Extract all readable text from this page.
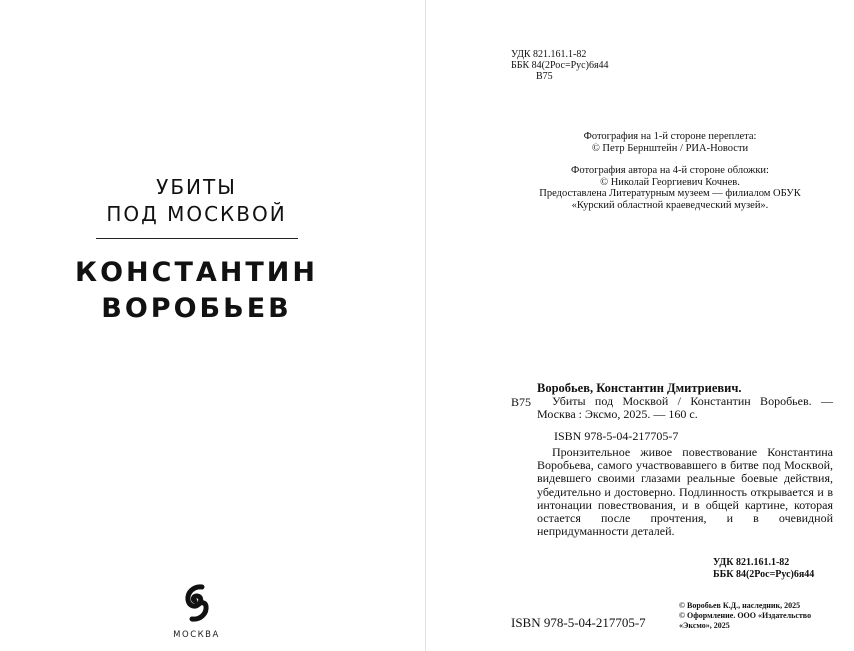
УБИТЫ
ПОД МОСКВОЙ
КОНСТАНТИН
ВОРОБЬЕВ
МОСКВА
УДК 821.161.1-82
ББК 84(2Рос=Рус)6я44
В75
Фотография на 1-й стороне переплета:
© Петр Бернштейн / РИА-Новости
Фотография автора на 4-й стороне обложки:
© Николай Георгиевич Кочнев.
Предоставлена Литературным музеем — филиалом ОБУК
«Курский областной краеведческий музей».
Воробьев, Константин Дмитриевич.
В75	Убиты под Москвой / Константин Воробьев. — Москва : Эксмо, 2025. — 160 с.
ISBN 978-5-04-217705-7
Пронзительное живое повествование Константина Воробьева, самого участвовавшего в битве под Москвой, видевшего своими глазами реальные боевые действия, убедительно и достоверно. Подлинность открывается и в интонации повествования, и в общей картине, которая остается после прочтения, и в очевидной непридуманности деталей.
УДК 821.161.1-82
ББК 84(2Рос=Рус)6я44
ISBN 978-5-04-217705-7
© Воробьев К.Д., наследник, 2025
© Оформление. ООО «Издательство «Эксмо», 2025
